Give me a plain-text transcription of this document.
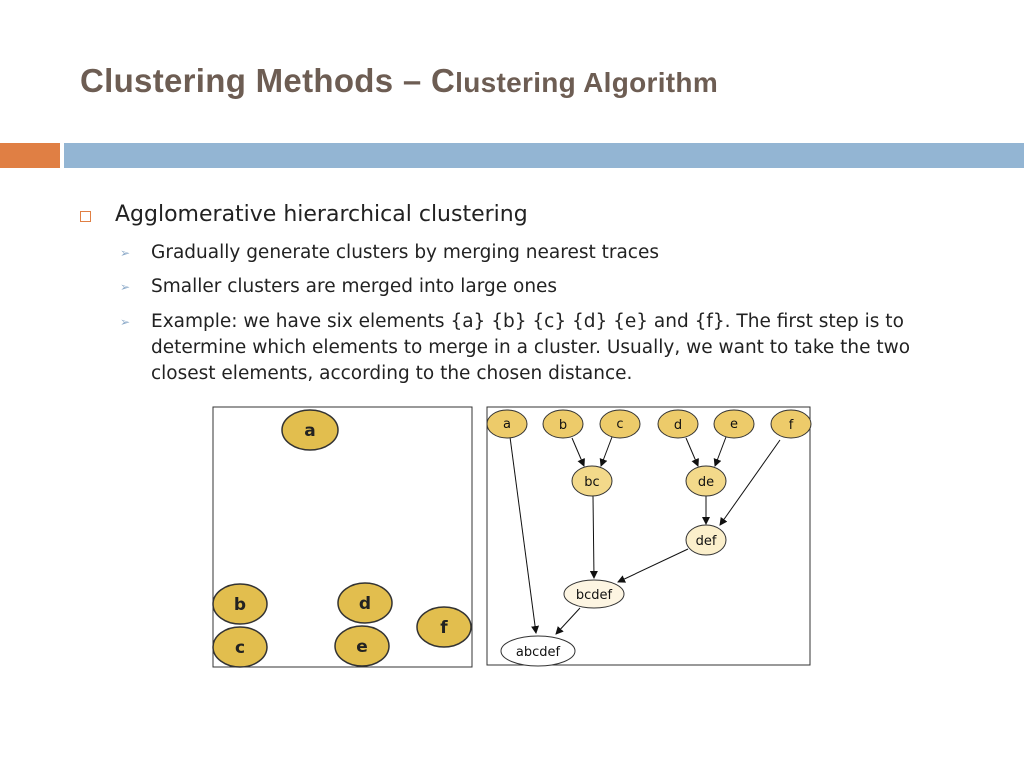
Clustering Methods – Clustering Algorithm
Agglomerative hierarchical clustering
➢ Gradually generate clusters by merging nearest traces
➢ Smaller clusters are merged into large ones
➢ Example: we have six elements {a} {b} {c} {d} {e} and {f}. The first step is to determine which elements to merge in a cluster. Usually, we want to take the two closest elements, according to the chosen distance.
a
b
c
d
e
f
a	b	c	d	e	f
bc	de
def
bcdef
abcdef
